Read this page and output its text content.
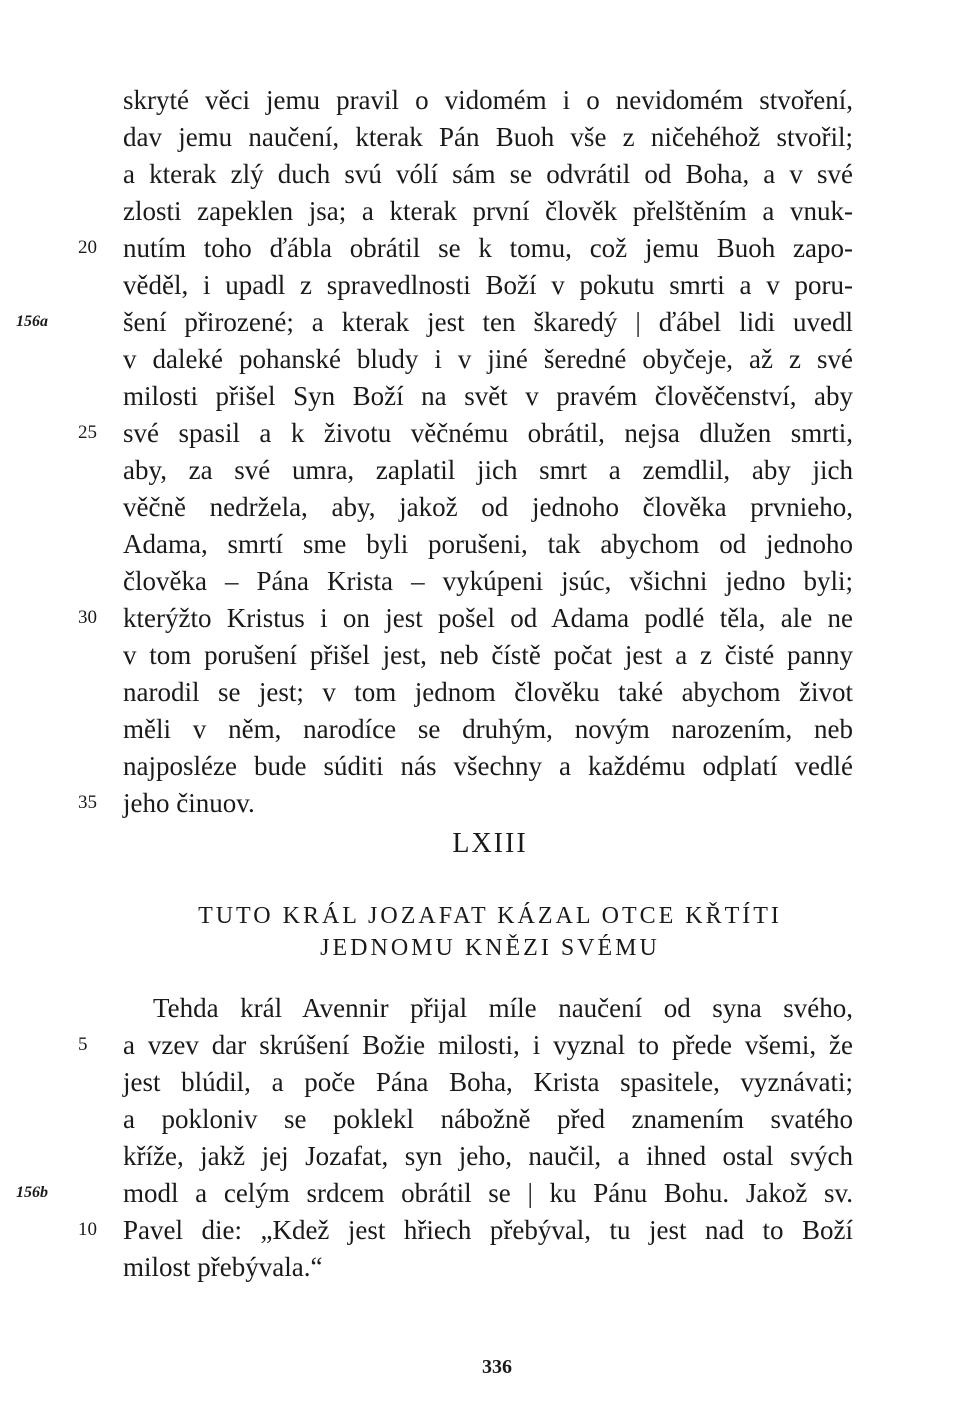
skryté věci jemu pravil o vidomém i o nevidomém stvoření,
dav jemu naučení, kterak Pán Buoh vše z ničehéhož stvořil;
a kterak zlý duch svú vólí sám se odvrátil od Boha, a v své
zlosti zapeklen jsa; a kterak první člověk přelštěním a vnuk-
nutím toho ďábla obrátil se k tomu, což jemu Buoh zapo-
věděl, i upadl z spravedlnosti Boží v pokutu smrti a v poru-
šení přirozené; a kterak jest ten škaredý | ďábel lidi uvedl
v daleké pohanské bludy i v jiné šeredné obyčeje, až z své
milosti přišel Syn Boží na svět v pravém člověčenství, aby
své spasil a k životu věčnému obrátil, nejsa dlužen smrti,
aby, za své umra, zaplatil jich smrt a zemdlil, aby jich
věčně nedržela, aby, jakož od jednoho člověka prvnieho,
Adama, smrtí sme byli porušeni, tak abychom od jednoho
člověka – Pána Krista – vykúpeni jsúc, všichni jedno byli;
kterýžto Kristus i on jest pošel od Adama podlé těla, ale ne
v tom porušení přišel jest, neb čístě počat jest a z čisté panny
narodil se jest; v tom jednom člověku také abychom život
měli v něm, narodíce se druhým, novým narozením, neb
najposléze bude súditi nás všechny a každému odplatí vedlé
jeho činuov.
20
156a
25
30
35
LXIII
TUTO KRÁL JOZAFAT KÁZAL OTCE KŘTÍTI
JEDNOMU KNĚZI SVÉMU
Tehda král Avennir přijal míle naučení od syna svého,
a vzev dar skrúšení Božie milosti, i vyznal to přede všemi, že
jest blúdil, a poče Pána Boha, Krista spasitele, vyznávati;
a pokloniv se poklekl nábožně před znamením svatého
kříže, jakž jej Jozafat, syn jeho, naučil, a ihned ostal svých
modl a celým srdcem obrátil se | ku Pánu Bohu. Jakož sv.
Pavel die: „Kdež jest hřiech přebýval, tu jest nad to Boží
milost přebývala.“
5
156b
10
336
